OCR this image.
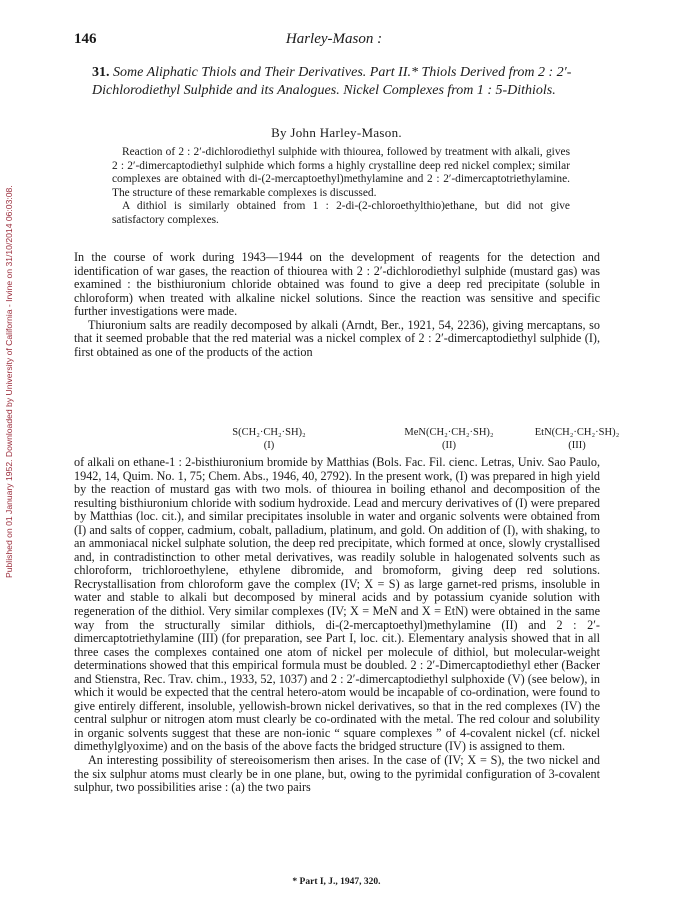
146	Harley-Mason :
Published on 01 January 1952. Downloaded by University of California - Irvine on 31/10/2014 06:03:08.
31. Some Aliphatic Thiols and Their Derivatives. Part II.* Thiols Derived from 2 : 2′-Dichlorodiethyl Sulphide and its Analogues. Nickel Complexes from 1 : 5-Dithiols.
By John Harley-Mason.

Reaction of 2 : 2′-dichlorodiethyl sulphide with thiourea, followed by treatment with alkali, gives 2 : 2′-dimercaptodiethyl sulphide which forms a highly crystalline deep red nickel complex; similar complexes are obtained with di-(2-mercaptoethyl)methylamine and 2 : 2′-dimercaptotriethylamine. The structure of these remarkable complexes is discussed.

A dithiol is similarly obtained from 1 : 2-di-(2-chloroethylthio)ethane, but did not give satisfactory complexes.

In the course of work during 1943—1944 on the development of reagents for the detection and identification of war gases, the reaction of thiourea with 2 : 2′-dichlorodiethyl sulphide (mustard gas) was examined : the bisthiuronium chloride obtained was found to give a deep red precipitate (soluble in chloroform) when treated with alkaline nickel solutions. Since the reaction was sensitive and specific further investigations were made.

Thiuronium salts are readily decomposed by alkali (Arndt, Ber., 1921, 54, 2236), giving mercaptans, so that it seemed probable that the red material was a nickel complex of 2 : 2′-dimercaptodiethyl sulphide (I), first obtained as one of the products of the action

S(CH₂·CH₂·SH)₂
(I)
MeN(CH₂·CH₂·SH)₂
(II)
EtN(CH₂·CH₂·SH)₂
(III)

of alkali on ethane-1 : 2-bisthiuronium bromide by Matthias (Bols. Fac. Fil. cienc. Letras, Univ. Sao Paulo, 1942, 14, Quim. No. 1, 75; Chem. Abs., 1946, 40, 2792). In the present work, (I) was prepared in high yield by the reaction of mustard gas with two mols. of thiourea in boiling ethanol and decomposition of the resulting bisthiuronium chloride with sodium hydroxide. Lead and mercury derivatives of (I) were prepared by Matthias (loc. cit.), and similar precipitates insoluble in water and organic solvents were obtained from (I) and salts of copper, cadmium, cobalt, palladium, platinum, and gold. On addition of (I), with shaking, to an ammoniacal nickel sulphate solution, the deep red precipitate, which formed at once, slowly crystallised and, in contradistinction to other metal derivatives, was readily soluble in halogenated solvents such as chloroform, trichloroethylene, ethylene dibromide, and bromoform, giving deep red solutions. Recrystallisation from chloroform gave the complex (IV; X = S) as large garnet-red prisms, insoluble in water and stable to alkali but decomposed by mineral acids and by potassium cyanide solution with regeneration of the dithiol. Very similar complexes (IV; X = MeN and X = EtN) were obtained in the same way from the structurally similar dithiols, di-(2-mercaptoethyl)methylamine (II) and 2 : 2′-dimercaptotriethylamine (III) (for preparation, see Part I, loc. cit.). Elementary analysis showed that in all three cases the complexes contained one atom of nickel per molecule of dithiol, but molecular-weight determinations showed that this empirical formula must be doubled. 2 : 2′-Dimercaptodiethyl ether (Backer and Stienstra, Rec. Trav. chim., 1933, 52, 1037) and 2 : 2′-dimercaptodiethyl sulphoxide (V) (see below), in which it would be expected that the central hetero-atom would be incapable of co-ordination, were found to give entirely different, insoluble, yellowish-brown nickel derivatives, so that in the red complexes (IV) the central sulphur or nitrogen atom must clearly be co-ordinated with the metal. The red colour and solubility in organic solvents suggest that these are non-ionic “ square complexes ” of 4-covalent nickel (cf. nickel dimethylglyoxime) and on the basis of the above facts the bridged structure (IV) is assigned to them.

An interesting possibility of stereoisomerism then arises. In the case of (IV; X = S), the two nickel and the six sulphur atoms must clearly be in one plane, but, owing to the pyrimidal configuration of 3-covalent sulphur, two possibilities arise : (a) the two pairs

* Part I, J., 1947, 320.
